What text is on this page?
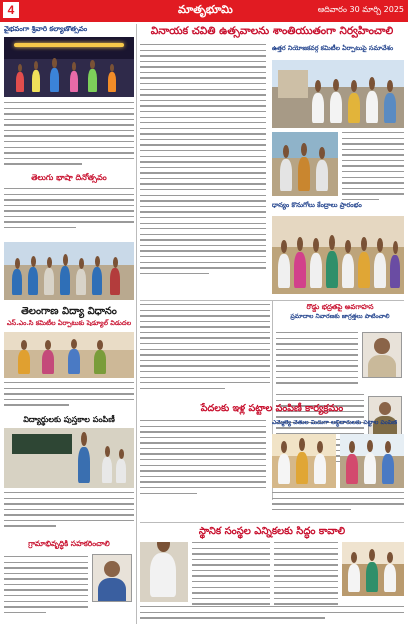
4	మాతృభూమి	ఆదివారం 30 మార్చి 2025
వైభవంగా శ్రీవారి కల్యాణోత్సవం
తెలుగు భాషా దినోత్సవం
తెలంగాణ విద్యా విధానం
ఎస్.ఎం.సి కమిటీల ఏర్పాటుకు షెడ్యూల్ విడుదల
విద్యార్థులకు పుస్తకాల పంపిణీ
గ్రామాభివృద్ధికి సహకరించాలి
వినాయక చవితి ఉత్సవాలను శాంతియుతంగా నిర్వహించాలి
ఉత్తర నియోజకవర్గ కమిటీల ఏర్పాటుపై సమావేశం
ధాన్యం కొనుగోలు కేంద్రాలు ప్రారంభం
రోడ్డు భద్రతపై అవగాహన
ప్రమాదాల నివారణకు జాగ్రత్తలు పాటించాలి
పేదలకు ఇళ్ల పట్టాల పంపిణీ కార్యక్రమం
ఎమ్మెల్యే చేతుల మీదుగా లబ్ధిదారులకు పట్టాల పంపిణీ
స్థానిక సంస్థల ఎన్నికలకు సిద్ధం కావాలి
